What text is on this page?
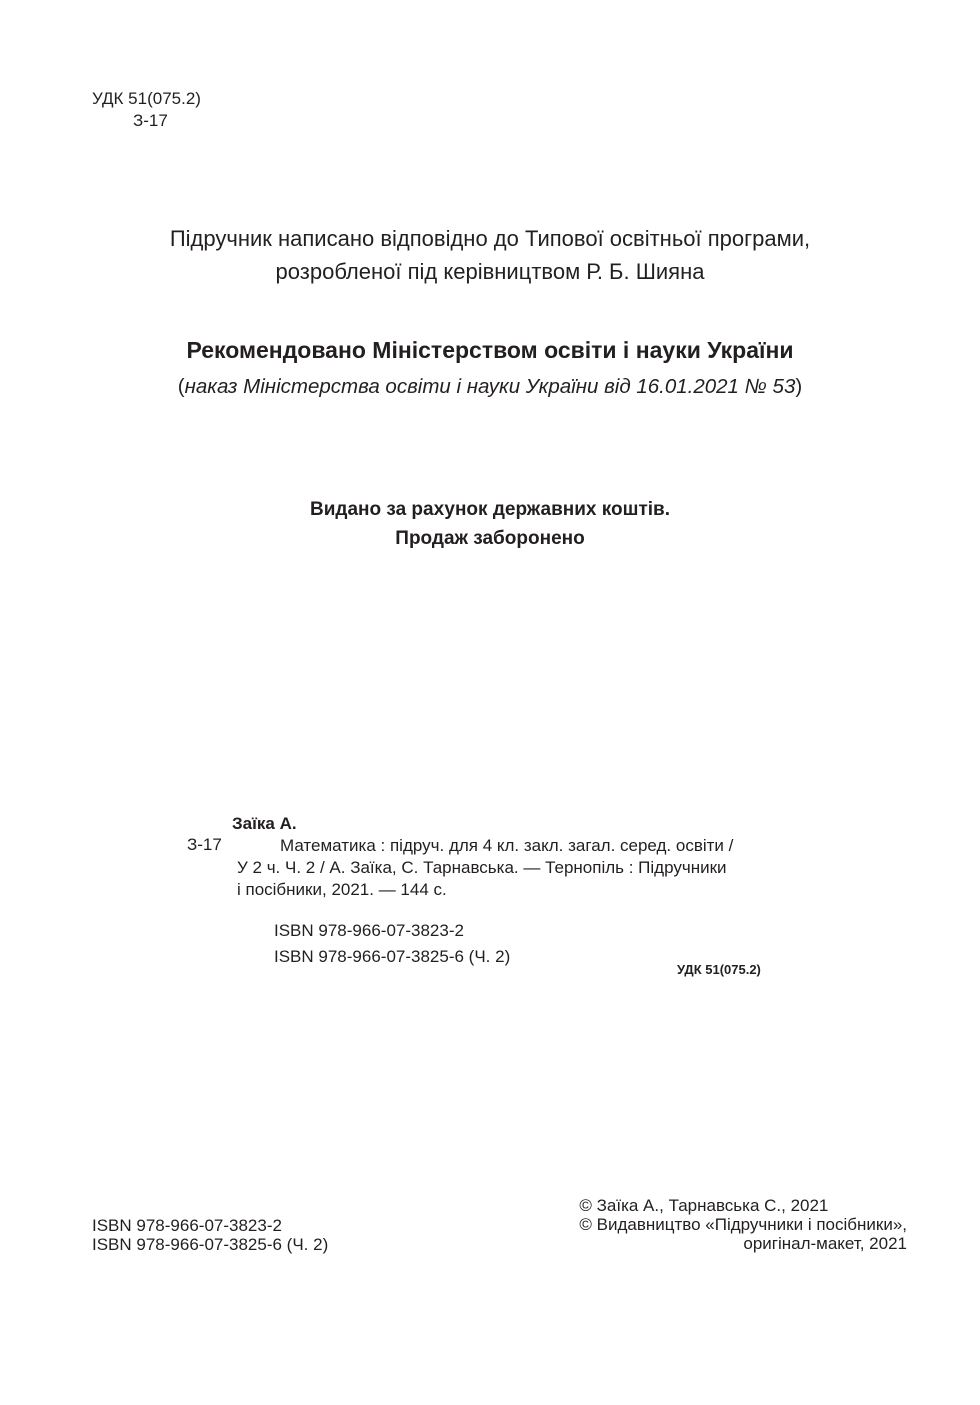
УДК 51(075.2)
З-17
Підручник написано відповідно до Типової освітньої програми,
розробленої під керівництвом Р. Б. Шияна
Рекомендовано Міністерством освіти і науки України
(наказ Міністерства освіти і науки України від 16.01.2021 № 53)
Видано за рахунок державних коштів.
Продаж заборонено
Заїка А.
З-17	Математика : підруч. для 4 кл. закл. загал. серед. освіти /
У 2 ч. Ч. 2 / А. Заїка, С. Тарнавська. — Тернопіль : Підручники
і посібники, 2021. — 144 с.
ISBN 978-966-07-3823-2
ISBN 978-966-07-3825-6 (Ч. 2)
УДК 51(075.2)
ISBN 978-966-07-3823-2
ISBN 978-966-07-3825-6 (Ч. 2)
© Заїка А., Тарнавська С., 2021
© Видавництво «Підручники і посібники»,
оригінал-макет, 2021
